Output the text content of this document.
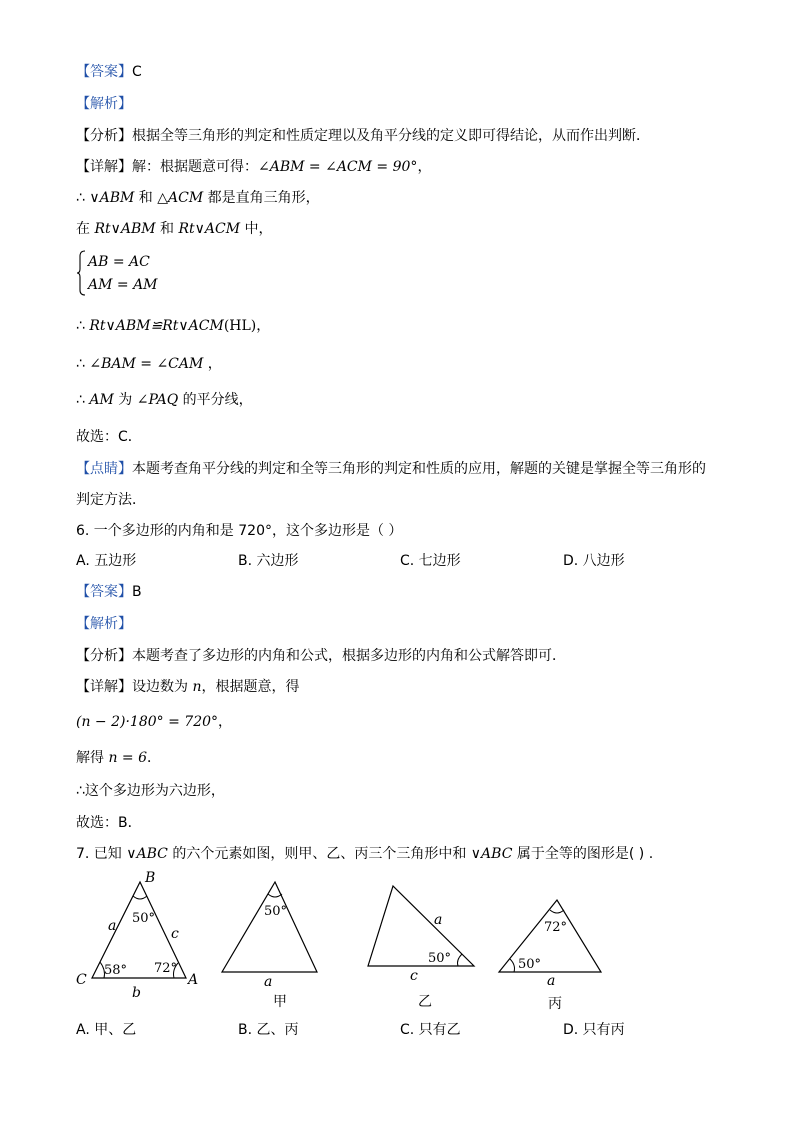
【答案】C
【解析】
【分析】根据全等三角形的判定和性质定理以及角平分线的定义即可得结论，从而作出判断．
【详解】解：根据题意可得：∠ABM = ∠ACM = 90°，
∴ ∨ABM 和 △ACM 都是直角三角形，
在 Rt∨ABM 和 Rt∨ACM 中，
AB = AC
AM = AM
∴ Rt∨ABM≌Rt∨ACM(HL)，
∴ ∠BAM = ∠CAM ，
∴ AM 为 ∠PAQ 的平分线，
故选：C．
【点睛】本题考查角平分线的判定和全等三角形的判定和性质的应用，解题的关键是掌握全等三角形的
判定方法．
6. 一个多边形的内角和是 720°，这个多边形是（ ）
A. 五边形	B. 六边形	C. 七边形	D. 八边形
【答案】B
【解析】
【分析】本题考查了多边形的内角和公式，根据多边形的内角和公式解答即可．
【详解】设边数为 n，根据题意，得
(n − 2)·180° = 720°，
解得 n = 6．
∴这个多边形为六边形，
故选：B．
7. 已知 ∨ABC 的六个元素如图，则甲、乙、丙三个三角形中和 ∨ABC 属于全等的图形是( ) .
B
C	A
a	c
b
50°
58° 72°
50°
a
甲
a
50°
c
乙
72°
50°
a
丙
A. 甲、乙	B. 乙、丙	C. 只有乙	D. 只有丙
